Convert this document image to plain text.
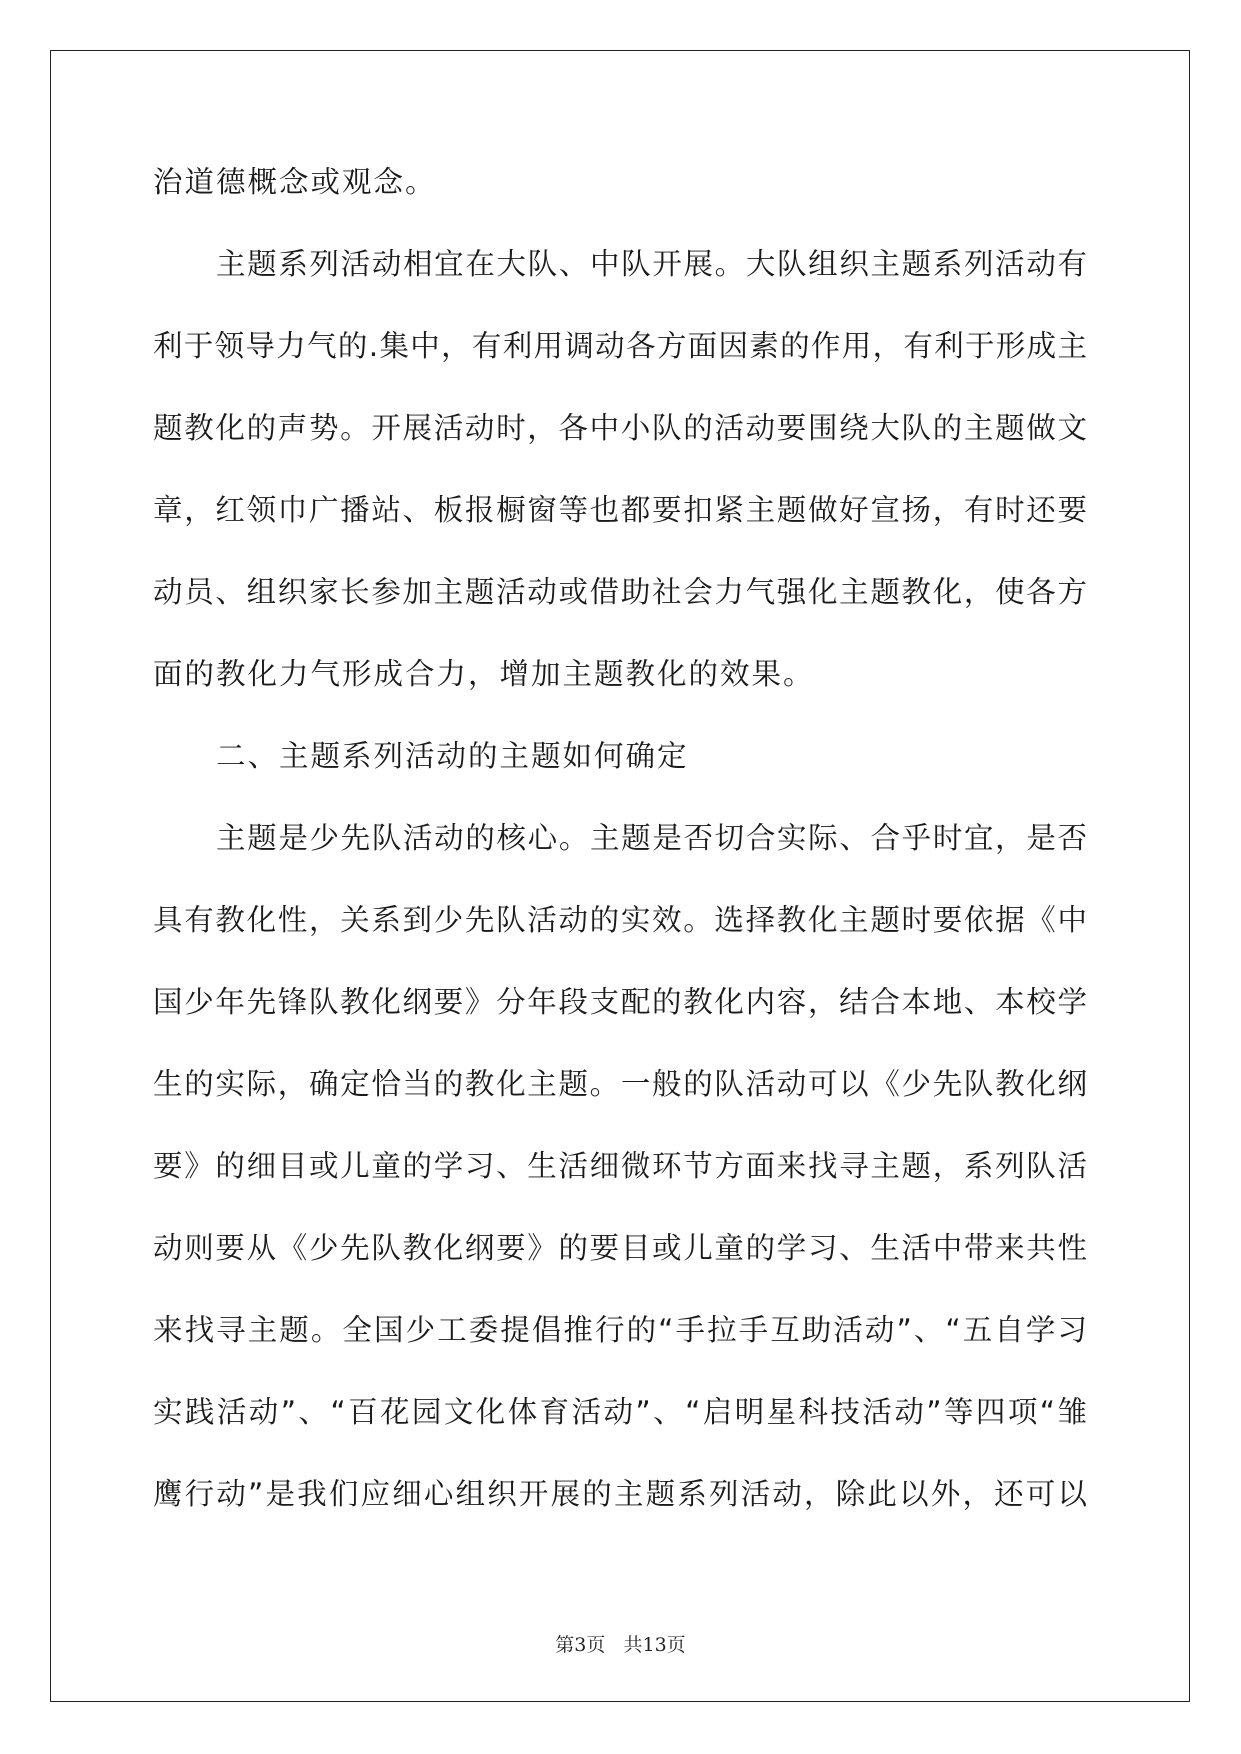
治道德概念或观念。
主题系列活动相宜在大队、中队开展。大队组织主题系列活动有
利于领导力气的.集中，有利用调动各方面因素的作用，有利于形成主
题教化的声势。开展活动时，各中小队的活动要围绕大队的主题做文
章，红领巾广播站、板报橱窗等也都要扣紧主题做好宣扬，有时还要
动员、组织家长参加主题活动或借助社会力气强化主题教化，使各方
面的教化力气形成合力，增加主题教化的效果。
二、主题系列活动的主题如何确定
主题是少先队活动的核心。主题是否切合实际、合乎时宜，是否
具有教化性，关系到少先队活动的实效。选择教化主题时要依据《中
国少年先锋队教化纲要》分年段支配的教化内容，结合本地、本校学
生的实际，确定恰当的教化主题。一般的队活动可以《少先队教化纲
要》的细目或儿童的学习、生活细微环节方面来找寻主题，系列队活
动则要从《少先队教化纲要》的要目或儿童的学习、生活中带来共性
来找寻主题。全国少工委提倡推行的“手拉手互助活动”、“五自学习
实践活动”、“百花园文化体育活动”、“启明星科技活动”等四项“雏
鹰行动”是我们应细心组织开展的主题系列活动，除此以外，还可以
第3页   共13页
